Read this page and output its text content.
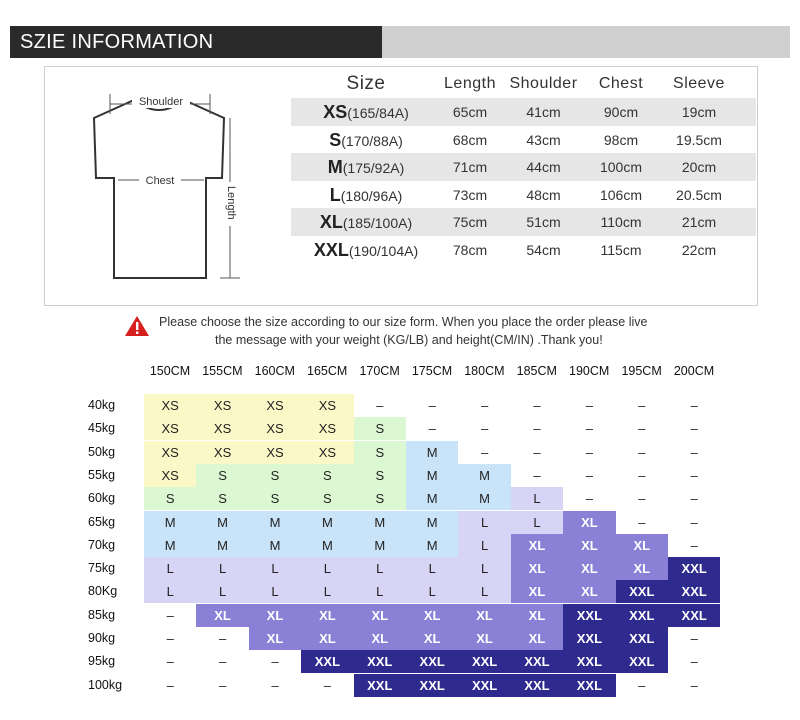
SZIE INFORMATION
Shoulder
Chest
Length
Size	Length Shoulder	Chest	Sleeve
XS(165/84A)	65cm	41cm	90cm	19cm
S(170/88A)	68cm	43cm	98cm	19.5cm
M(175/92A)	71cm	44cm	100cm	20cm
L(180/96A)	73cm	48cm	106cm	20.5cm
XL(185/100A)	75cm	51cm	110cm	21cm
XXL(190/104A)	78cm	54cm	115cm	22cm
Please choose the size according to our size form. When you place the order please live
the message with your weight (KG/LB) and height(CM/IN) .Thank you!
150CM 155CM 160CM 165CM 170CM 175CM 180CM 185CM 190CM 195CM 200CM
40kg	XS	XS	XS	XS	–	–	–	–	–	–	–
45kg	XS	XS	XS	XS	S	–	–	–	–	–	–
50kg	XS	XS	XS	XS	S	M	–	–	–	–	–
55kg	XS	S	S	S	S	M	M	–	–	–	–
60kg	S	S	S	S	S	M	M	L	–	–	–
65kg	M	M	M	M	M	M	L	L	XL	–	–
70kg	M	M	M	M	M	M	L	XL	XL	XL	–
75kg	L	L	L	L	L	L	L	XL	XL	XL	XXL
80Kg	L	L	L	L	L	L	L	XL	XL	XXL	XXL
85kg	–	XL	XL	XL	XL	XL	XL	XL	XXL	XXL	XXL
90kg	–	–	XL	XL	XL	XL	XL	XL	XXL	XXL	–
95kg	–	–	–	XXL	XXL	XXL	XXL	XXL	XXL	XXL	–
100kg	–	–	–	–	XXL	XXL	XXL	XXL	XXL	–	–
